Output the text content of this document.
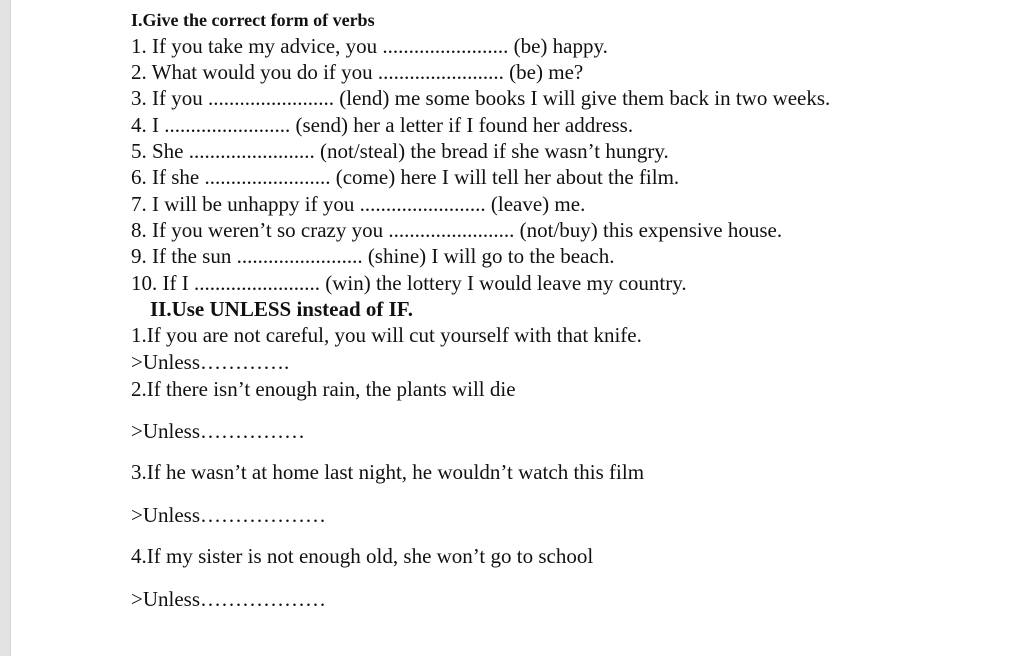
I.Give the correct form of verbs
1. If you take my advice, you ........................ (be) happy.
2. What would you do if you ........................ (be) me?
3. If you ........................ (lend) me some books I will give them back in two weeks.
4. I ........................ (send) her a letter if I found her address.
5. She ........................ (not/steal) the bread if she wasn’t hungry.
6. If she ........................ (come) here I will tell her about the film.
7. I will be unhappy if you ........................ (leave) me.
8. If you weren’t so crazy you ........................ (not/buy) this expensive house.
9. If the sun ........................ (shine) I will go to the beach.
10. If I ........................ (win) the lottery I would leave my country.
II.Use UNLESS instead of IF.
1.If you are not careful, you will cut yourself with that knife.
>Unless………….
2.If there isn’t enough rain, the plants will die
>Unless……………
3.If he wasn’t at home last night, he wouldn’t watch this film
>Unless………………
4.If my sister is not enough old, she won’t go to school
>Unless………………
